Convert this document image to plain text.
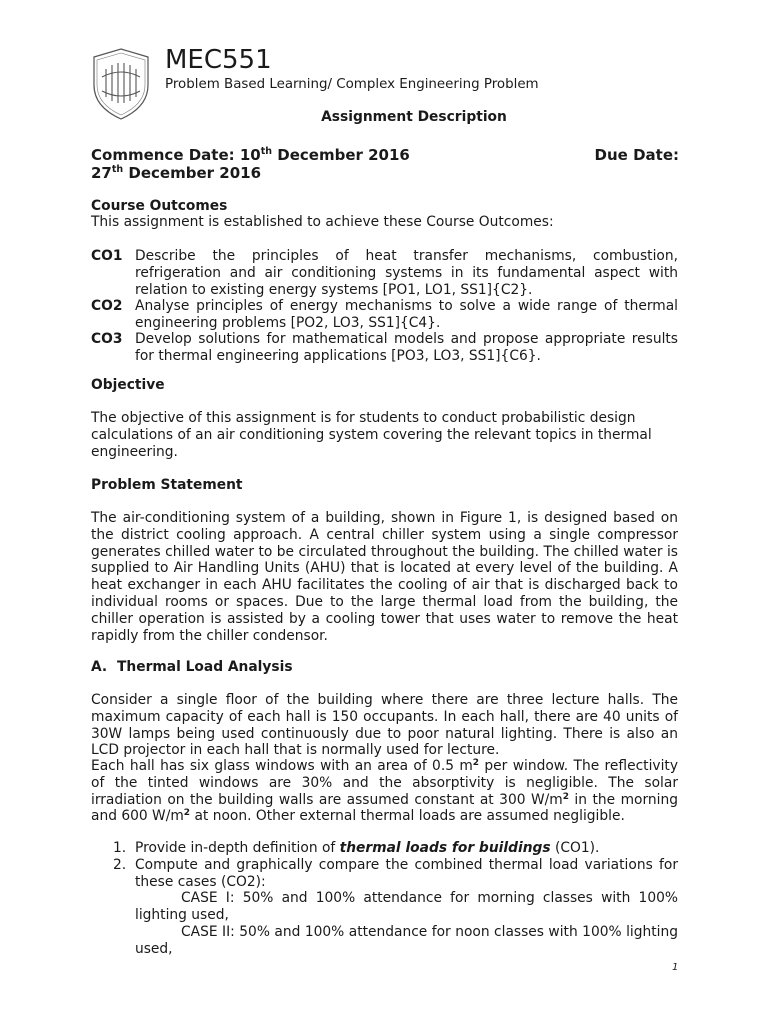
MEC551
Problem Based Learning/ Complex Engineering Problem
Assignment Description
Commence Date: 10th December 2016	Due Date:
27th December 2016
Course Outcomes
This assignment is established to achieve these Course Outcomes:
CO1 Describe the principles of heat transfer mechanisms, combustion, refrigeration and air conditioning systems in its fundamental aspect with relation to existing energy systems [PO1, LO1, SS1]{C2}.
CO2 Analyse principles of energy mechanisms to solve a wide range of thermal engineering problems [PO2, LO3, SS1]{C4}.
CO3 Develop solutions for mathematical models and propose appropriate results for thermal engineering applications [PO3, LO3, SS1]{C6}.
Objective
The objective of this assignment is for students to conduct probabilistic design calculations of an air conditioning system covering the relevant topics in thermal engineering.
Problem Statement
The air-conditioning system of a building, shown in Figure 1, is designed based on the district cooling approach. A central chiller system using a single compressor generates chilled water to be circulated throughout the building. The chilled water is supplied to Air Handling Units (AHU) that is located at every level of the building. A heat exchanger in each AHU facilitates the cooling of air that is discharged back to individual rooms or spaces. Due to the large thermal load from the building, the chiller operation is assisted by a cooling tower that uses water to remove the heat rapidly from the chiller condensor.
A. Thermal Load Analysis
Consider a single floor of the building where there are three lecture halls. The maximum capacity of each hall is 150 occupants. In each hall, there are 40 units of 30W lamps being used continuously due to poor natural lighting. There is also an LCD projector in each hall that is normally used for lecture.
Each hall has six glass windows with an area of 0.5 $m^2$ per window. The reflectivity of the tinted windows are 30% and the absorptivity is negligible. The solar irradiation on the building walls are assumed constant at 300 $W/m^2$ in the morning and 600 $W/m^2$ at noon. Other external thermal loads are assumed negligible.
1. Provide in-depth definition of thermal loads for buildings (CO1).
2. Compute and graphically compare the combined thermal load variations for these cases (CO2):
CASE I: 50% and 100% attendance for morning classes with 100% lighting used,
CASE II: 50% and 100% attendance for noon classes with 100% lighting used,
1
